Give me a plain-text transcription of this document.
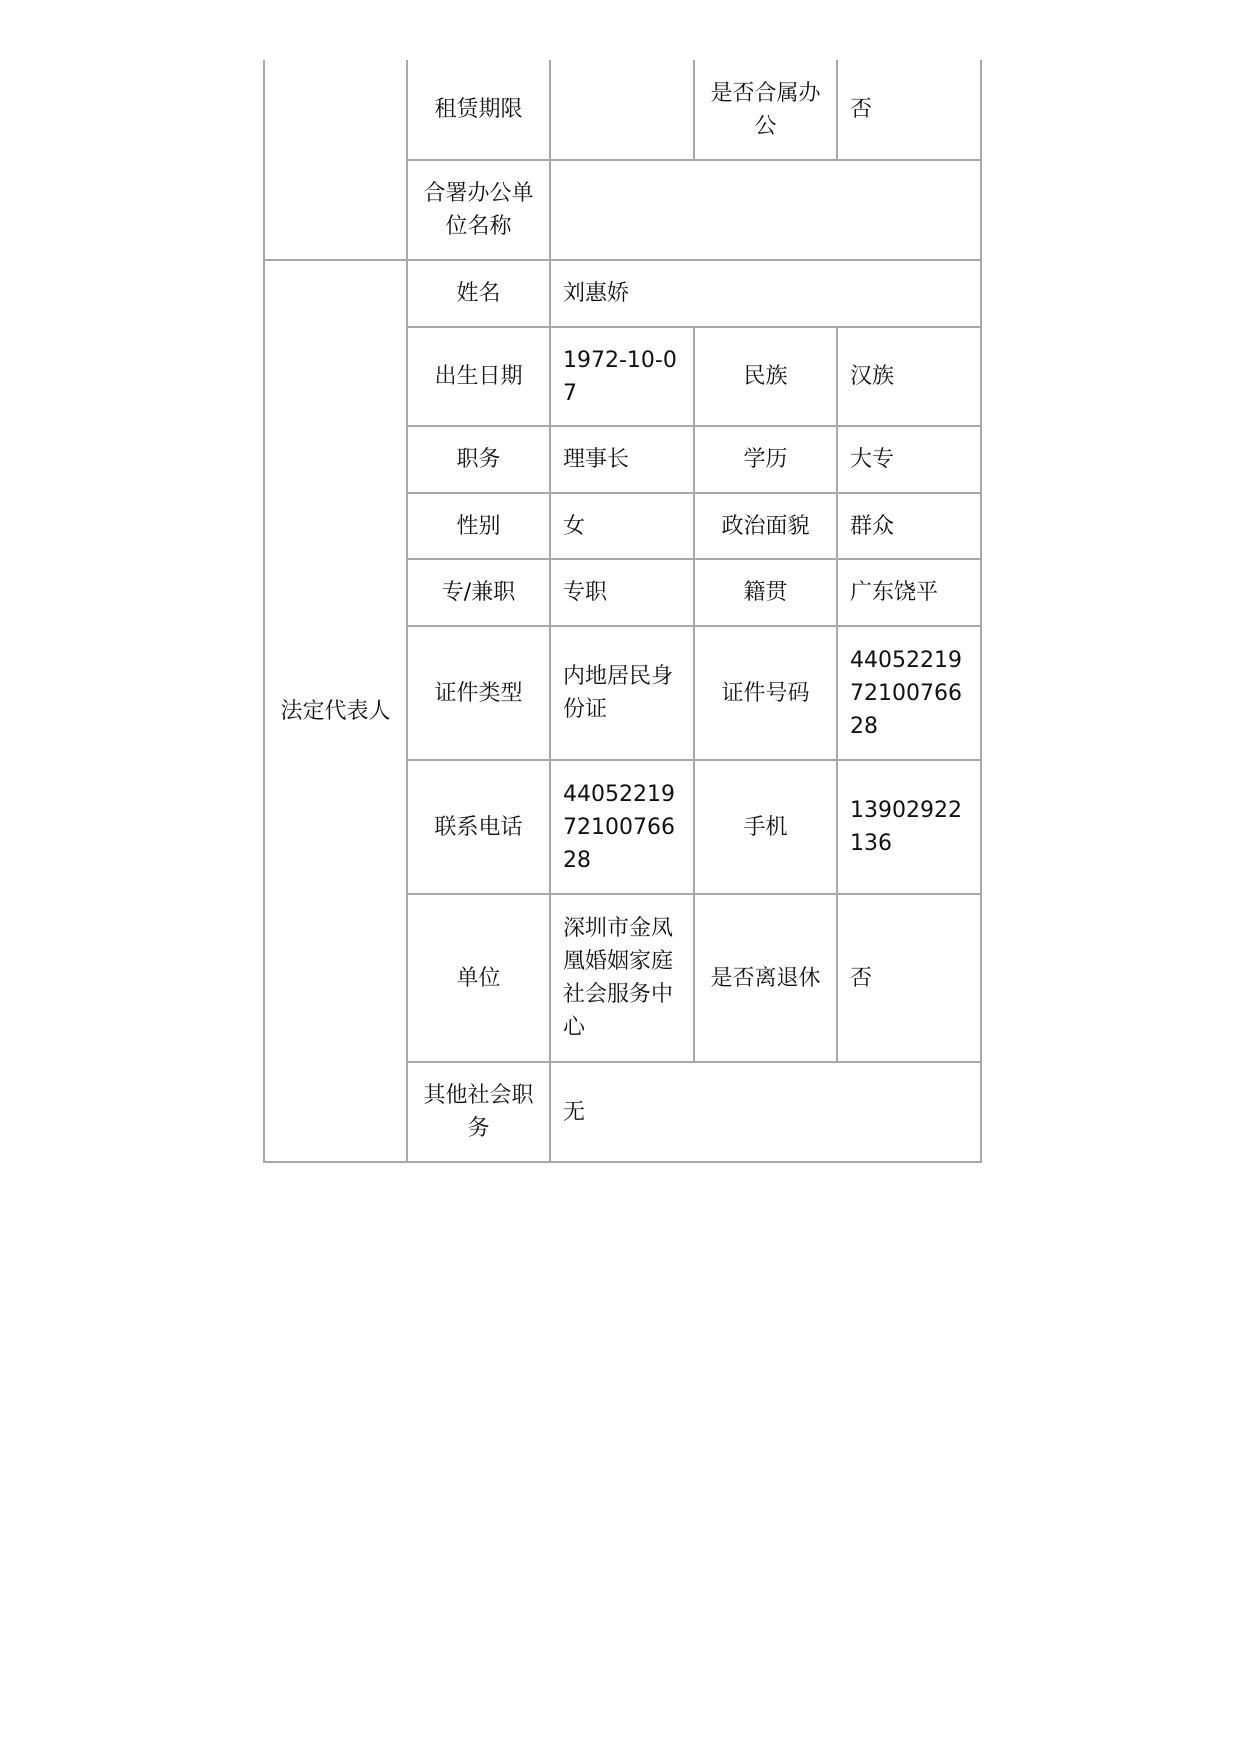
	租赁期限		是否合属办公	否
	合署办公单位名称			
法定代表人	姓名	刘惠娇		
	出生日期	1972-10-07	民族	汉族
	职务	理事长	学历	大专
	性别	女	政治面貌	群众
	专/兼职	专职	籍贯	广东饶平
	证件类型	内地居民身份证	证件号码	440522197210076628
	联系电话	440522197210076628	手机	13902922136
	单位	深圳市金凤凰婚姻家庭社会服务中心	是否离退休	否
	其他社会职务	无		
